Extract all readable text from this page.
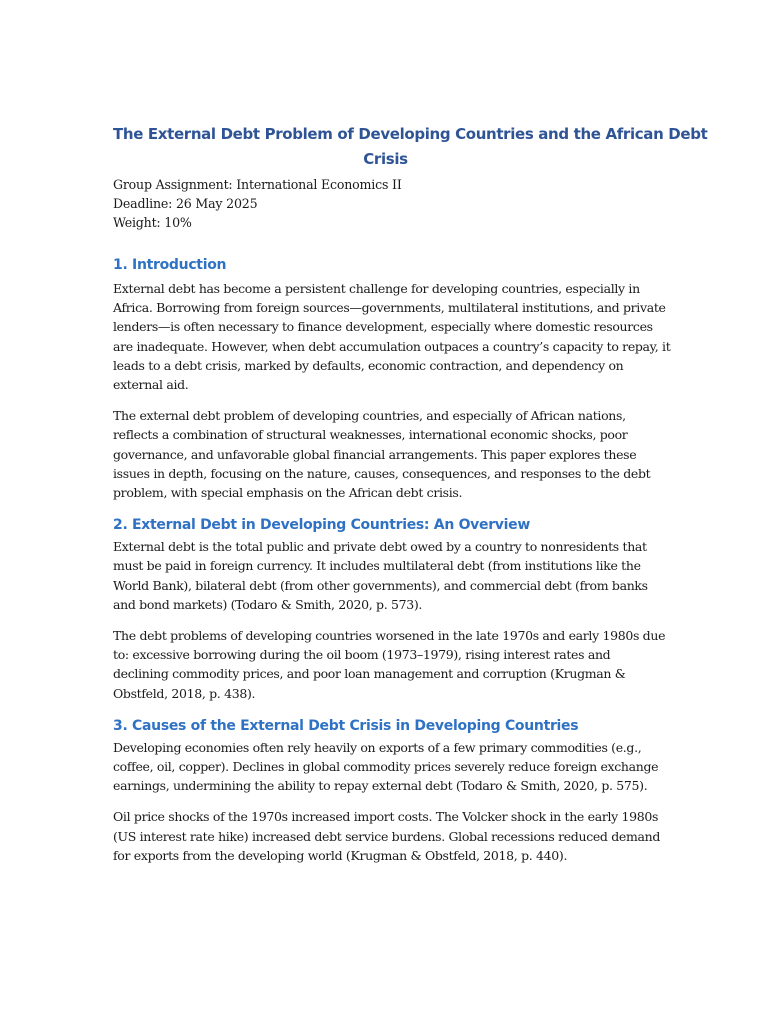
The External Debt Problem of Developing Countries and the African Debt
Crisis
Group Assignment: International Economics II
Deadline: 26 May 2025
Weight: 10%
1. Introduction

External debt has become a persistent challenge for developing countries, especially in
Africa. Borrowing from foreign sources—governments, multilateral institutions, and private
lenders—is often necessary to finance development, especially where domestic resources
are inadequate. However, when debt accumulation outpaces a country’s capacity to repay, it
leads to a debt crisis, marked by defaults, economic contraction, and dependency on
external aid.

The external debt problem of developing countries, and especially of African nations,
reflects a combination of structural weaknesses, international economic shocks, poor
governance, and unfavorable global financial arrangements. This paper explores these
issues in depth, focusing on the nature, causes, consequences, and responses to the debt
problem, with special emphasis on the African debt crisis.

2. External Debt in Developing Countries: An Overview

External debt is the total public and private debt owed by a country to nonresidents that
must be paid in foreign currency. It includes multilateral debt (from institutions like the
World Bank), bilateral debt (from other governments), and commercial debt (from banks
and bond markets) (Todaro & Smith, 2020, p. 573).

The debt problems of developing countries worsened in the late 1970s and early 1980s due
to: excessive borrowing during the oil boom (1973–1979), rising interest rates and
declining commodity prices, and poor loan management and corruption (Krugman &
Obstfeld, 2018, p. 438).

3. Causes of the External Debt Crisis in Developing Countries

Developing economies often rely heavily on exports of a few primary commodities (e.g.,
coffee, oil, copper). Declines in global commodity prices severely reduce foreign exchange
earnings, undermining the ability to repay external debt (Todaro & Smith, 2020, p. 575).

Oil price shocks of the 1970s increased import costs. The Volcker shock in the early 1980s
(US interest rate hike) increased debt service burdens. Global recessions reduced demand
for exports from the developing world (Krugman & Obstfeld, 2018, p. 440).
